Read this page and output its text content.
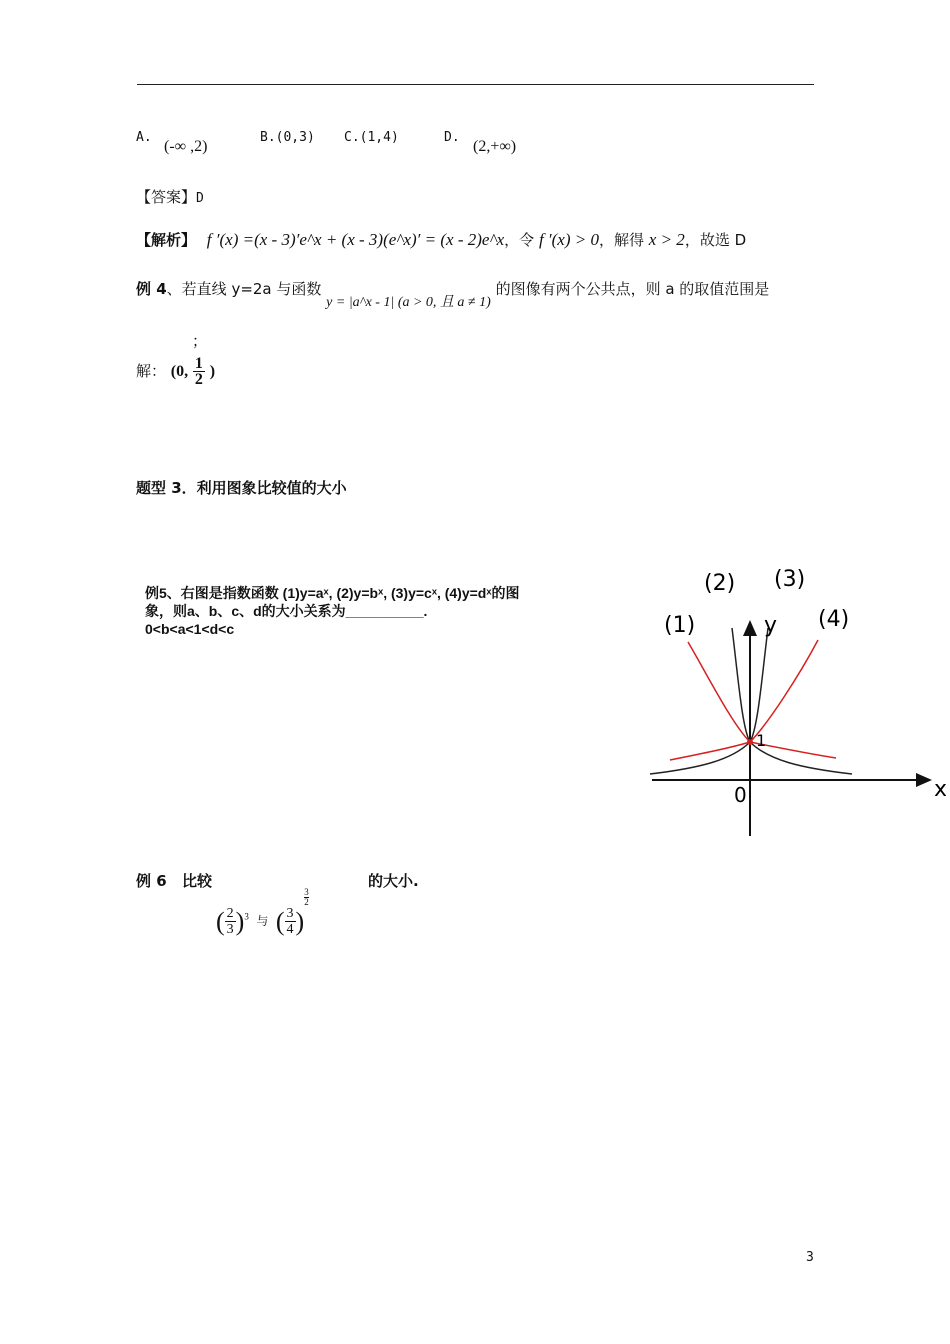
A.
(-∞ ,2)
B.(0,3) C.(1,4)	D.
(2,+∞)
【答案】D
【解析】 f ′(x) =(x - 3)′e^x + (x - 3)(e^x)′ = (x - 2)e^x，令 f ′(x) > 0，解得 x > 2，故选 D
例 4、若直线 y=2a 与函数 y = |a^x - 1| (a > 0, 且 a ≠ 1) 的图像有两个公共点，则 a 的取值范围是
；
解： (0, $\frac{1}{2}$ )
题型 3．利用图象比较值的大小
例5、右图是指数函数 (1)y=aˣ, (2)y=bˣ, (3)y=cˣ, (4)y=dˣ的图
象，则a、b、c、d的大小关系为__________.
0<b<a<1<d<c	(1)
(2) (3)
(4)
y
x
0
1
例 6 比较	的大小.
( $\frac{2}{3} )^3$ 与 ( $\frac{3}{4}$ )
$^{\frac{3}{2}}$
3
